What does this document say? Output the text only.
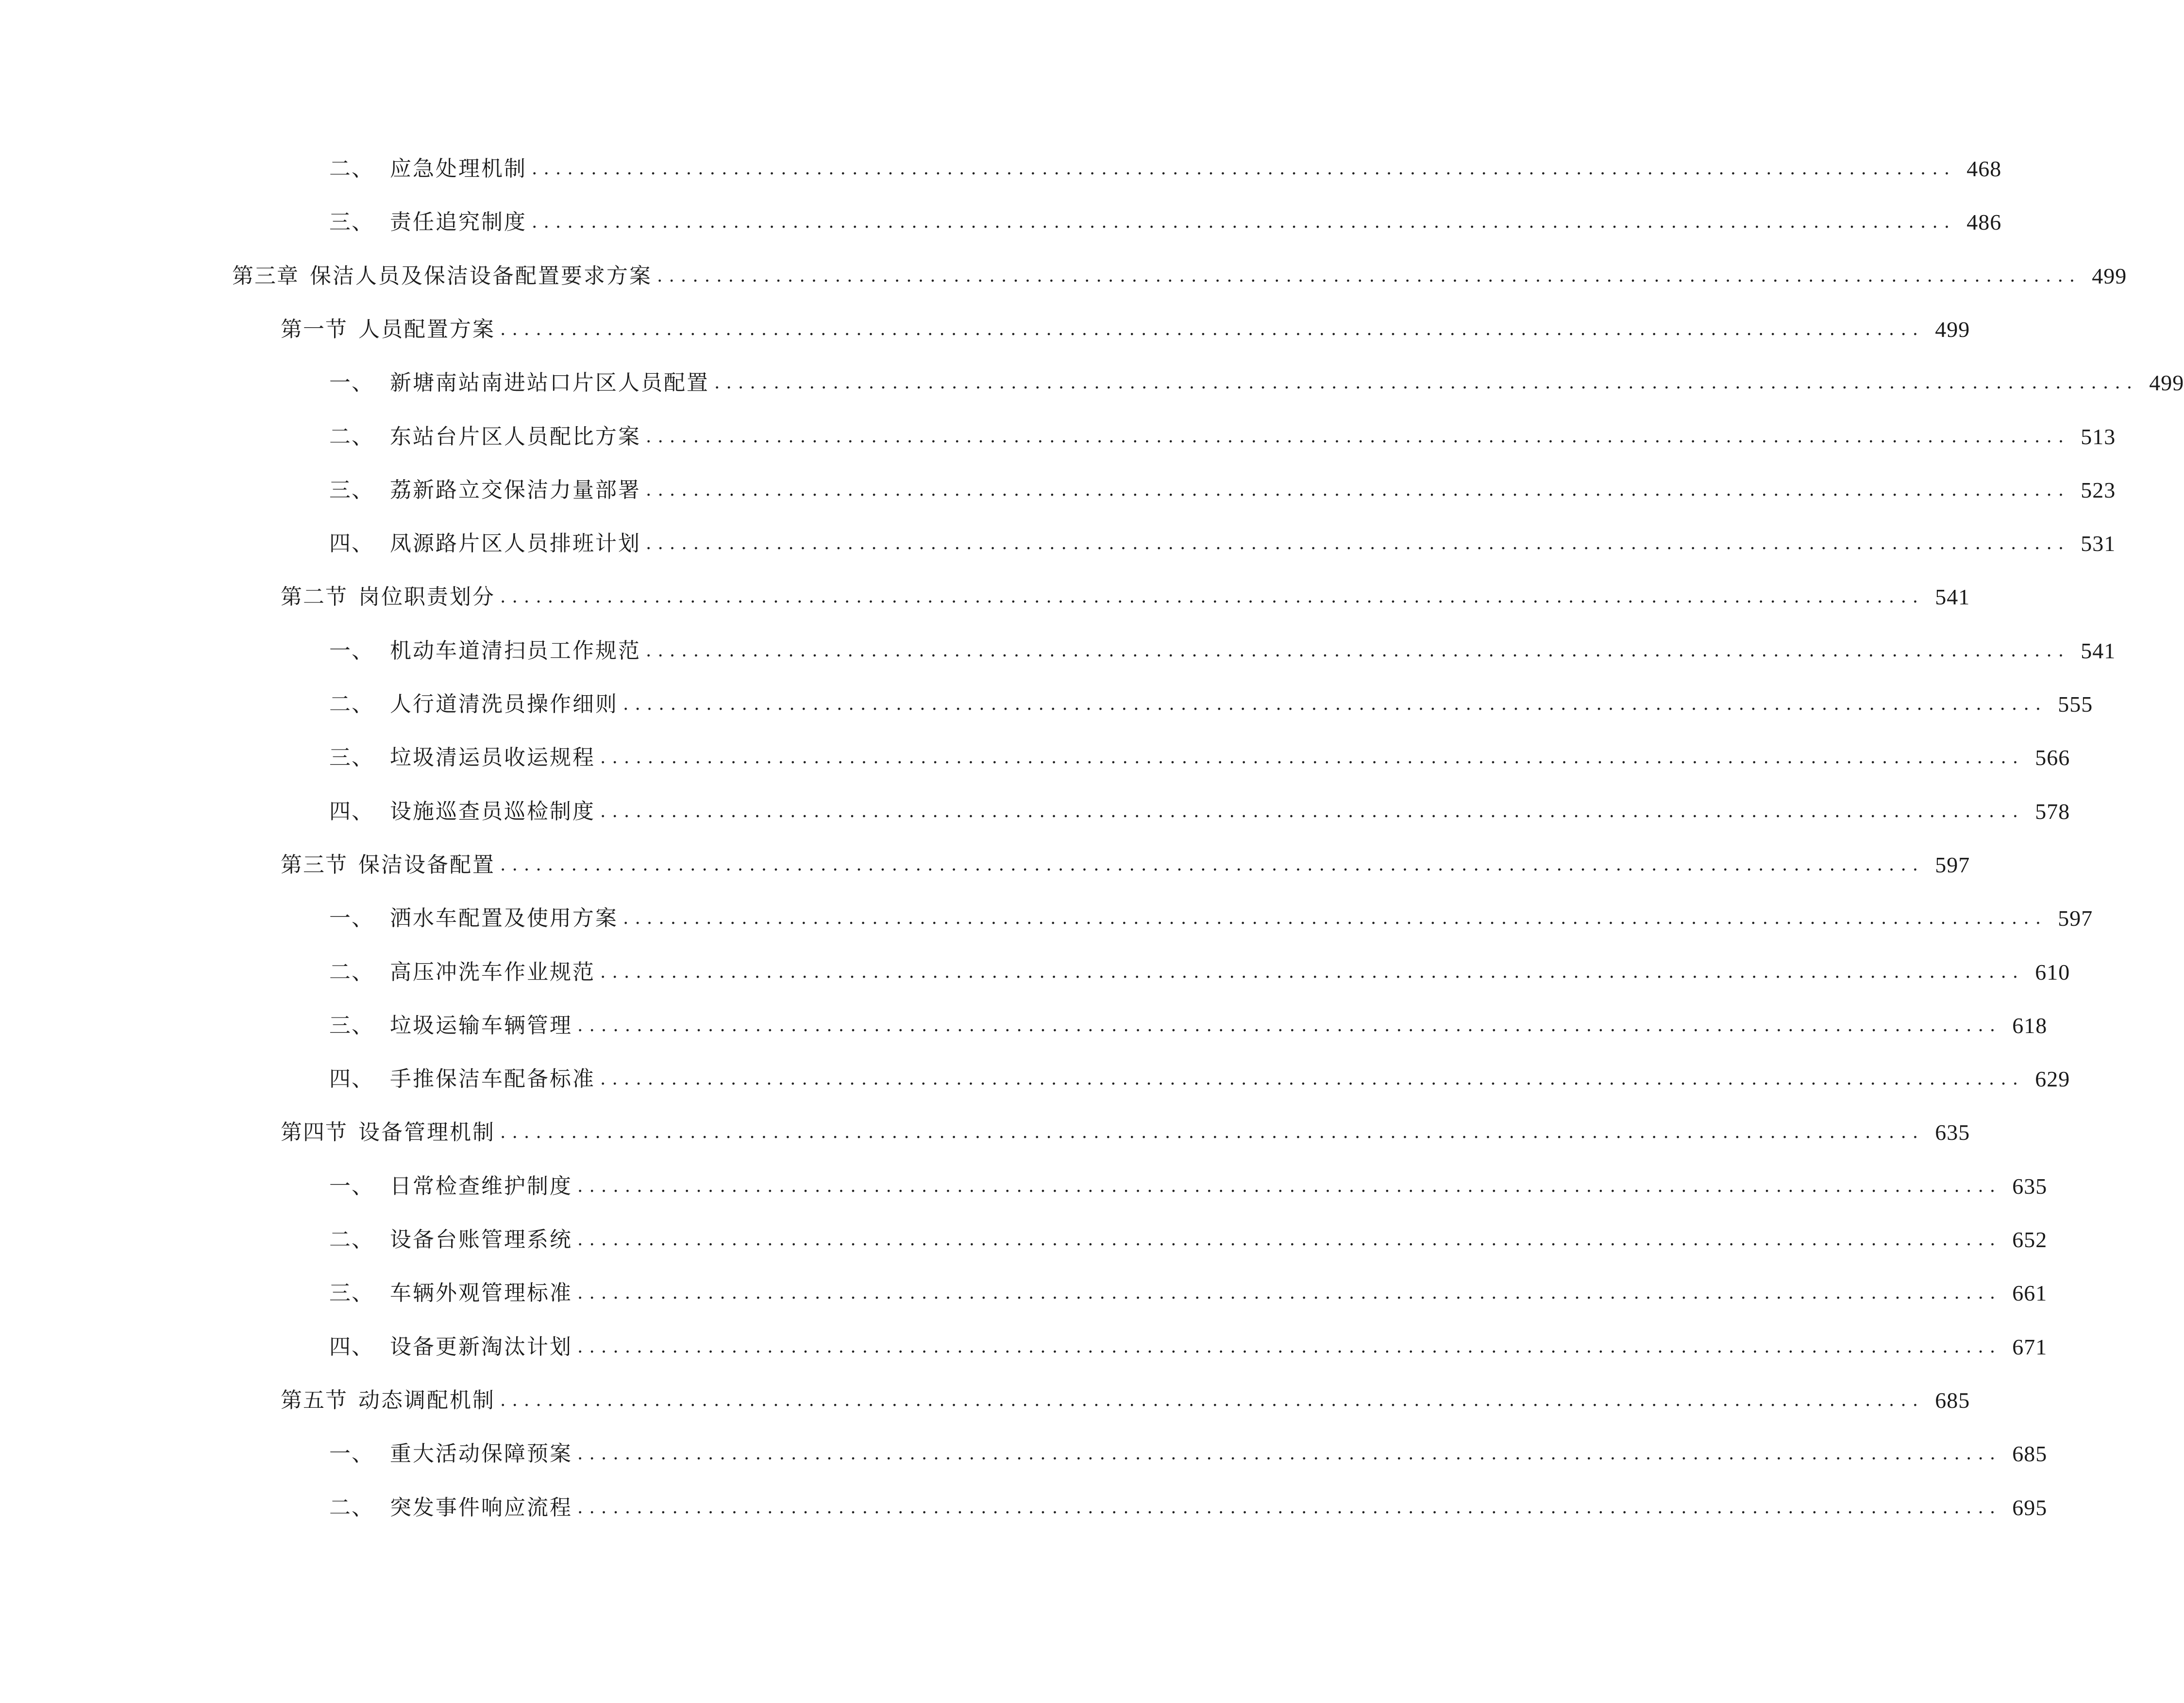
二、 应急处理机制 ........................................................................................................................ 468
三、 责任追究制度 ........................................................................................................................ 486
第三章 保洁人员及保洁设备配置要求方案 ........................................................................................................................ 499
第一节 人员配置方案 ........................................................................................................................ 499
一、 新塘南站南进站口片区人员配置 ........................................................................................................................ 499
二、 东站台片区人员配比方案 ........................................................................................................................ 513
三、 荔新路立交保洁力量部署 ........................................................................................................................ 523
四、 凤源路片区人员排班计划 ........................................................................................................................ 531
第二节 岗位职责划分 ........................................................................................................................ 541
一、 机动车道清扫员工作规范 ........................................................................................................................ 541
二、 人行道清洗员操作细则 ........................................................................................................................ 555
三、 垃圾清运员收运规程 ........................................................................................................................ 566
四、 设施巡查员巡检制度 ........................................................................................................................ 578
第三节 保洁设备配置 ........................................................................................................................ 597
一、 洒水车配置及使用方案 ........................................................................................................................ 597
二、 高压冲洗车作业规范 ........................................................................................................................ 610
三、 垃圾运输车辆管理 ........................................................................................................................ 618
四、 手推保洁车配备标准 ........................................................................................................................ 629
第四节 设备管理机制 ........................................................................................................................ 635
一、 日常检查维护制度 ........................................................................................................................ 635
二、 设备台账管理系统 ........................................................................................................................ 652
三、 车辆外观管理标准 ........................................................................................................................ 661
四、 设备更新淘汰计划 ........................................................................................................................ 671
第五节 动态调配机制 ........................................................................................................................ 685
一、 重大活动保障预案 ........................................................................................................................ 685
二、 突发事件响应流程 ........................................................................................................................ 695
